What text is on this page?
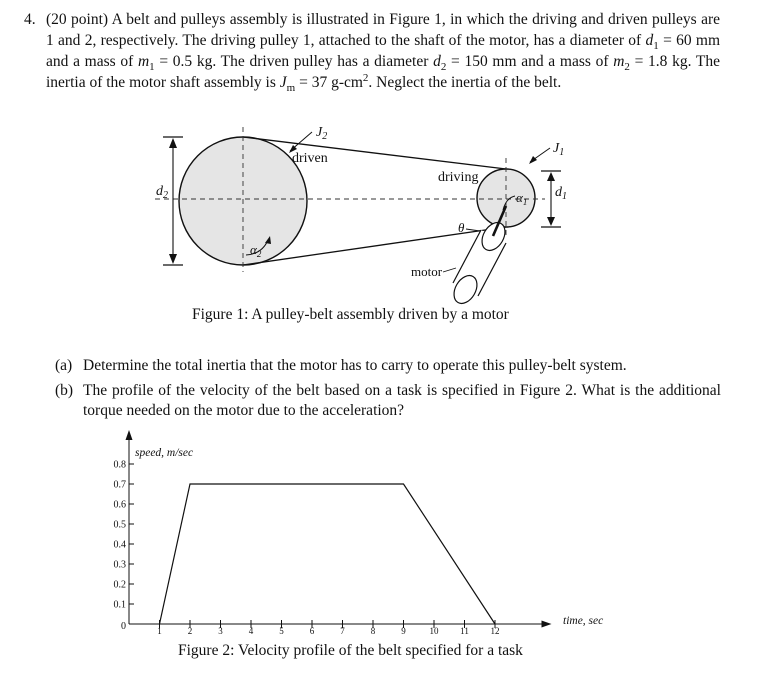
4. (20 point) A belt and pulleys assembly is illustrated in Figure 1, in which the driving and driven pulleys are 1 and 2, respectively. The driving pulley 1, attached to the shaft of the motor, has a diameter of $d_1 = 60$ mm and a mass of $m_1 = 0.5$ kg. The driven pulley has a diameter $d_2 = 150$ mm and a mass of $m_2 = 1.8$ kg. The inertia of the motor shaft assembly is $J_m = 37$ $g-cm^2$. Neglect the inertia of the belt.
$d_2$	$d_1$
$J_2$
driven
$J_1$
driving
$\alpha_2$
$\alpha_1$
θ
motor
Figure 1: A pulley-belt assembly driven by a motor
(a) Determine the total inertia that the motor has to carry to operate this pulley-belt system.
(b) The profile of the velocity of the belt based on a task is specified in Figure 2. What is the additional torque needed on the motor due to the acceleration?
0.1
0.2
0.3
0.4
0.5
0.6
0.7
0.8
1	2	3	4	5	6	7	8	9	10 11 12
speed, m/sec
time, sec
0
Figure 2: Velocity profile of the belt specified for a task
